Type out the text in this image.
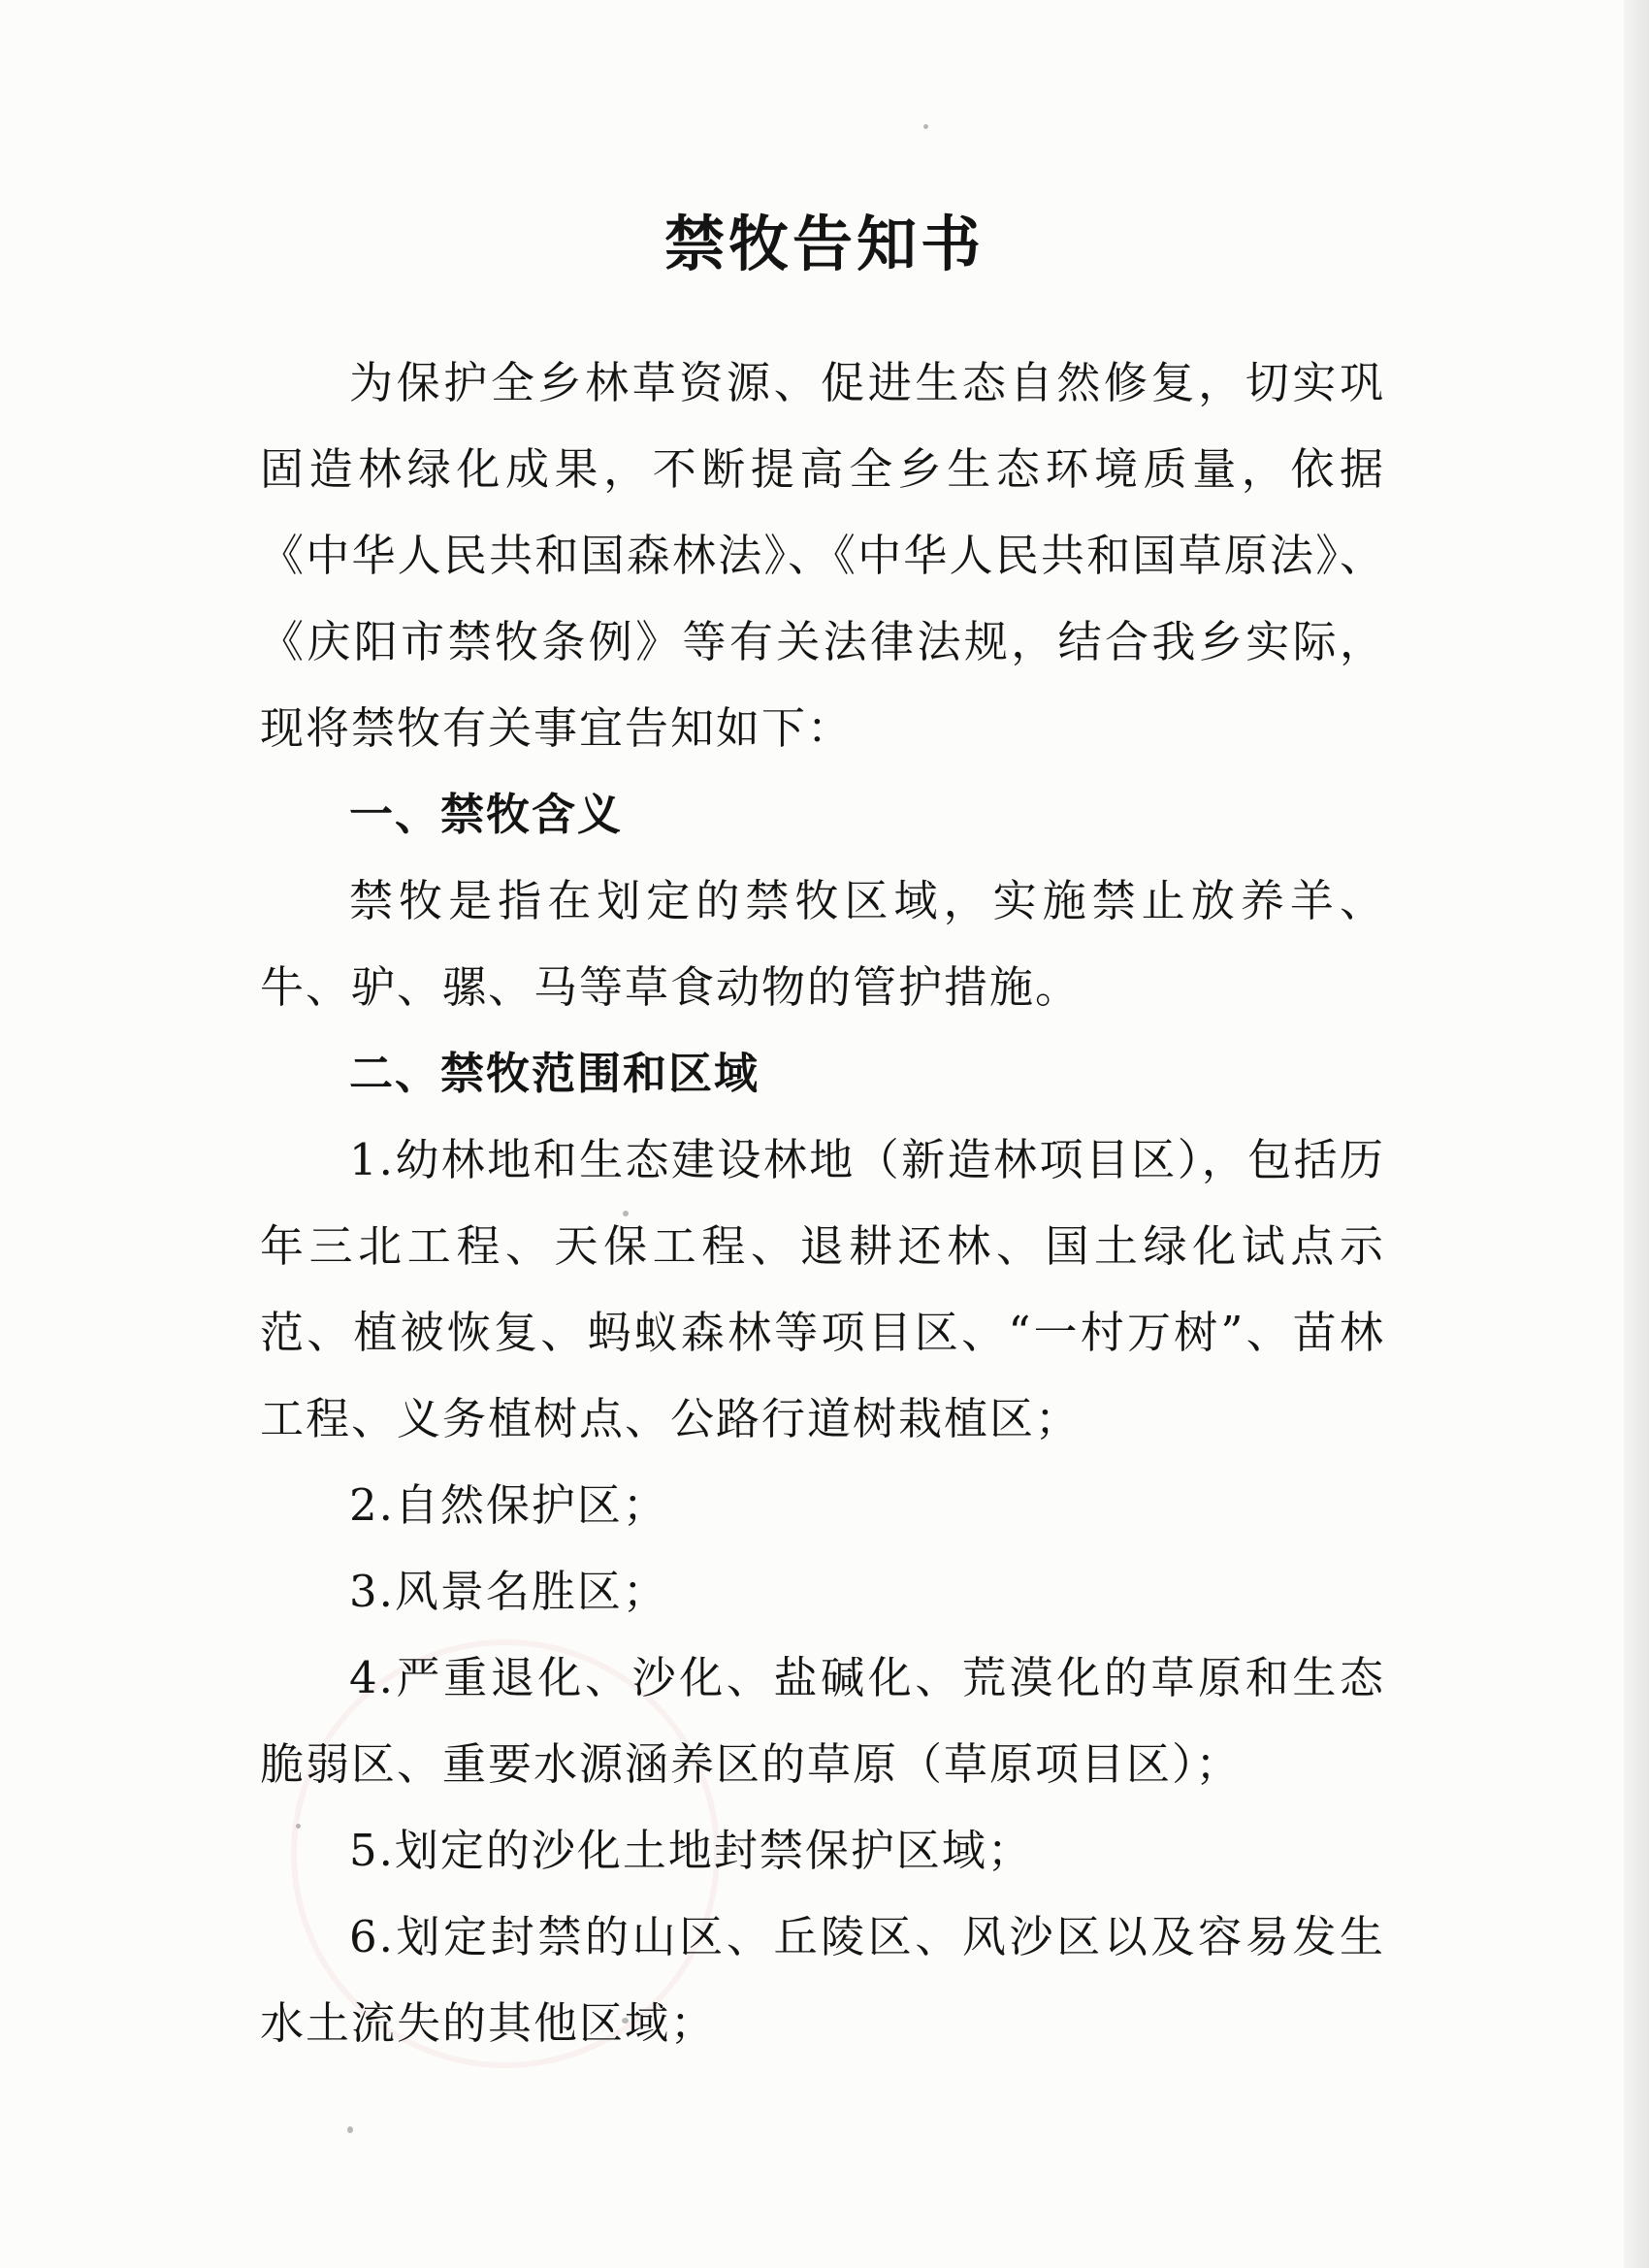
禁牧告知书

为保护全乡林草资源、促进生态自然修复，切实巩固造林绿化成果，不断提高全乡生态环境质量，依据《中华人民共和国森林法》、《中华人民共和国草原法》、《庆阳市禁牧条例》等有关法律法规，结合我乡实际，现将禁牧有关事宜告知如下：

一、禁牧含义

禁牧是指在划定的禁牧区域，实施禁止放养羊、牛、驴、骡、马等草食动物的管护措施。

二、禁牧范围和区域

1.幼林地和生态建设林地（新造林项目区），包括历年三北工程、天保工程、退耕还林、国土绿化试点示范、植被恢复、蚂蚁森林等项目区、“一村万树”、苗林工程、义务植树点、公路行道树栽植区；

2.自然保护区；

3.风景名胜区；

4.严重退化、沙化、盐碱化、荒漠化的草原和生态脆弱区、重要水源涵养区的草原（草原项目区）；

5.划定的沙化土地封禁保护区域；

6.划定封禁的山区、丘陵区、风沙区以及容易发生水土流失的其他区域；
